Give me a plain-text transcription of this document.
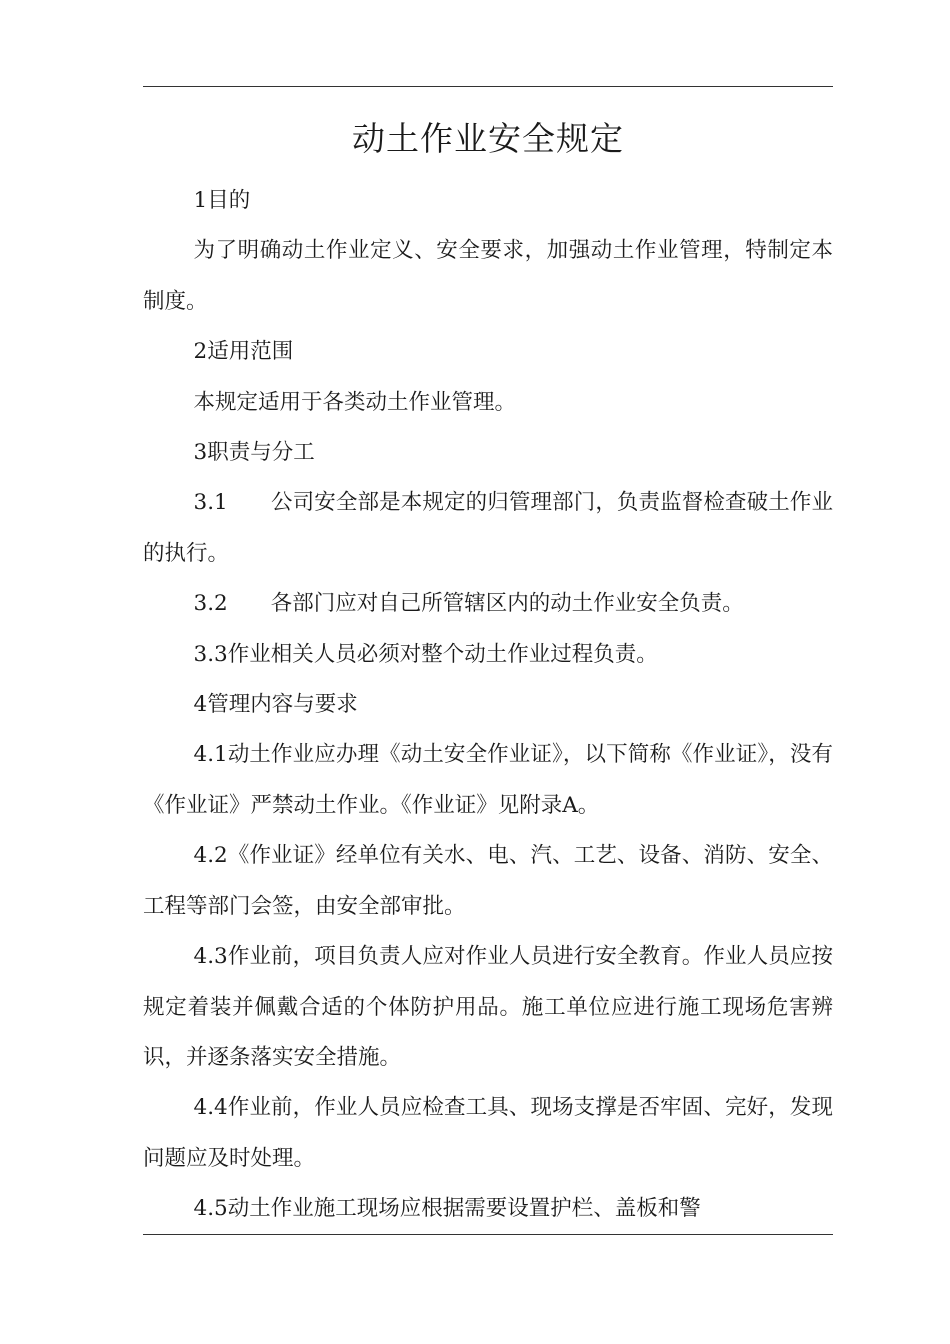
动土作业安全规定

1目的

为了明确动土作业定义、安全要求，加强动土作业管理，特制定本制度。

2适用范围

本规定适用于各类动土作业管理。

3职责与分工

3.1　　公司安全部是本规定的归管理部门，负责监督检查破土作业的执行。

3.2　　各部门应对自己所管辖区内的动土作业安全负责。

3.3作业相关人员必须对整个动土作业过程负责。

4管理内容与要求

4.1动土作业应办理《动土安全作业证》，以下简称《作业证》，没有《作业证》严禁动土作业。《作业证》见附录A。

4.2《作业证》经单位有关水、电、汽、工艺、设备、消防、安全、工程等部门会签，由安全部审批。

4.3作业前，项目负责人应对作业人员进行安全教育。作业人员应按规定着装并佩戴合适的个体防护用品。施工单位应进行施工现场危害辨识，并逐条落实安全措施。

4.4作业前，作业人员应检查工具、现场支撑是否牢固、完好，发现问题应及时处理。

4.5动土作业施工现场应根据需要设置护栏、盖板和警
